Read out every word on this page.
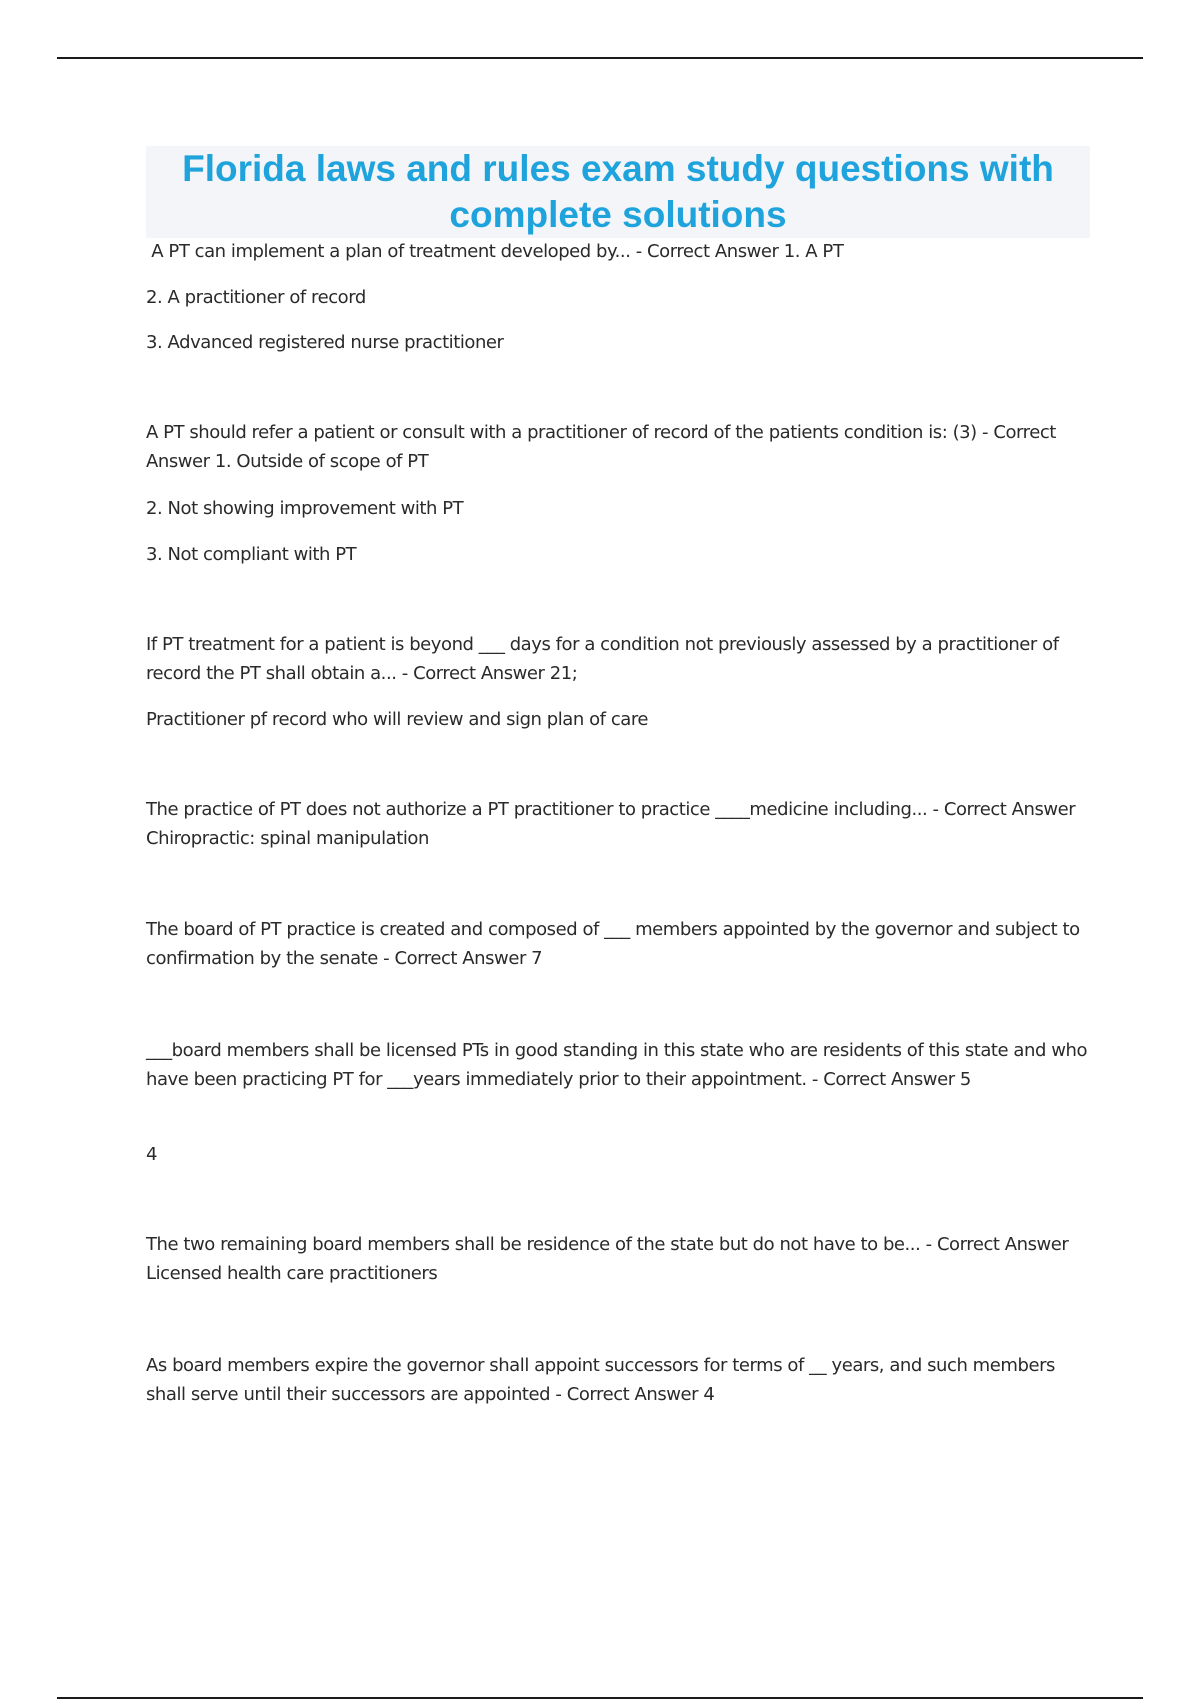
Florida laws and rules exam study questions with complete solutions

A PT can implement a plan of treatment developed by... - Correct Answer 1. A PT

2. A practitioner of record

3. Advanced registered nurse practitioner

A PT should refer a patient or consult with a practitioner of record of the patients condition is: (3) - Correct Answer 1. Outside of scope of PT

2. Not showing improvement with PT

3. Not compliant with PT

If PT treatment for a patient is beyond ___ days for a condition not previously assessed by a practitioner of record the PT shall obtain a... - Correct Answer 21;

Practitioner pf record who will review and sign plan of care

The practice of PT does not authorize a PT practitioner to practice ____medicine including... - Correct Answer Chiropractic: spinal manipulation

The board of PT practice is created and composed of ___ members appointed by the governor and subject to confirmation by the senate - Correct Answer 7

___board members shall be licensed PTs in good standing in this state who are residents of this state and who have been practicing PT for ___years immediately prior to their appointment. - Correct Answer 5

4

The two remaining board members shall be residence of the state but do not have to be... - Correct Answer Licensed health care practitioners

As board members expire the governor shall appoint successors for terms of __ years, and such members shall serve until their successors are appointed - Correct Answer 4
